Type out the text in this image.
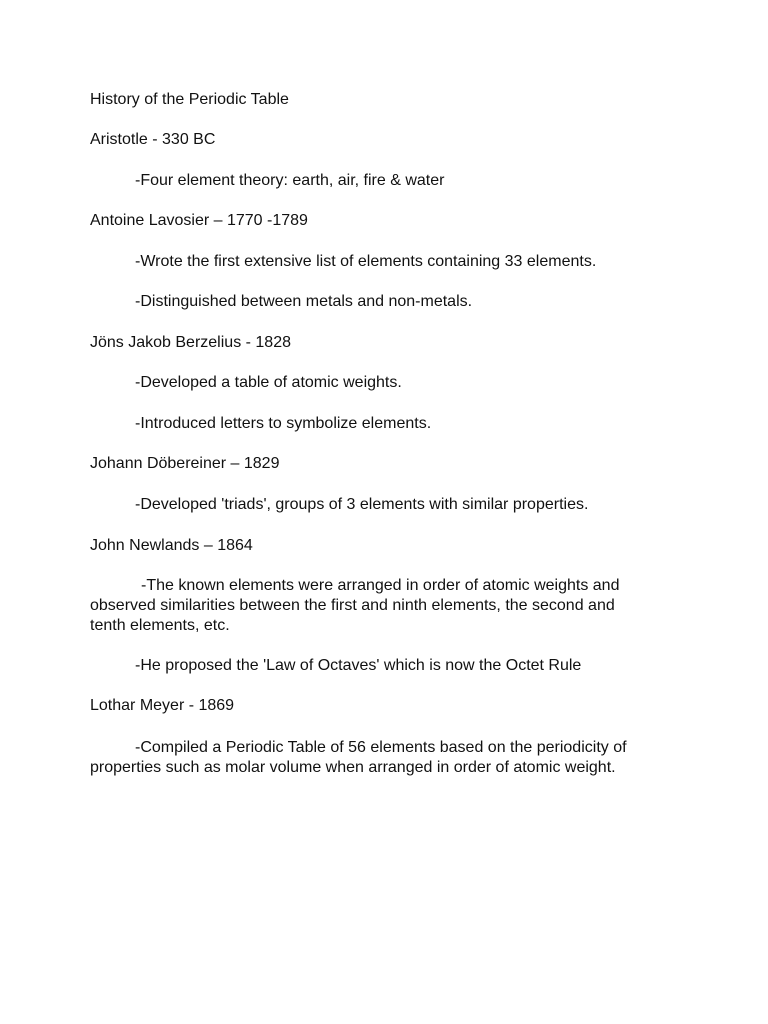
History of the Periodic Table

Aristotle - 330 BC

-Four element theory: earth, air, fire & water

Antoine Lavosier – 1770 -1789

-Wrote the first extensive list of elements containing 33 elements.

-Distinguished between metals and non-metals.

Jöns Jakob Berzelius - 1828

-Developed a table of atomic weights.

-Introduced letters to symbolize elements.

Johann Döbereiner – 1829

-Developed 'triads', groups of 3 elements with similar properties.

John Newlands – 1864

-The known elements were arranged in order of atomic weights and

observed similarities between the first and ninth elements, the second and

tenth elements, etc.

-He proposed the 'Law of Octaves' which is now the Octet Rule

Lothar Meyer - 1869

-Compiled a Periodic Table of 56 elements based on the periodicity of

properties such as molar volume when arranged in order of atomic weight.
